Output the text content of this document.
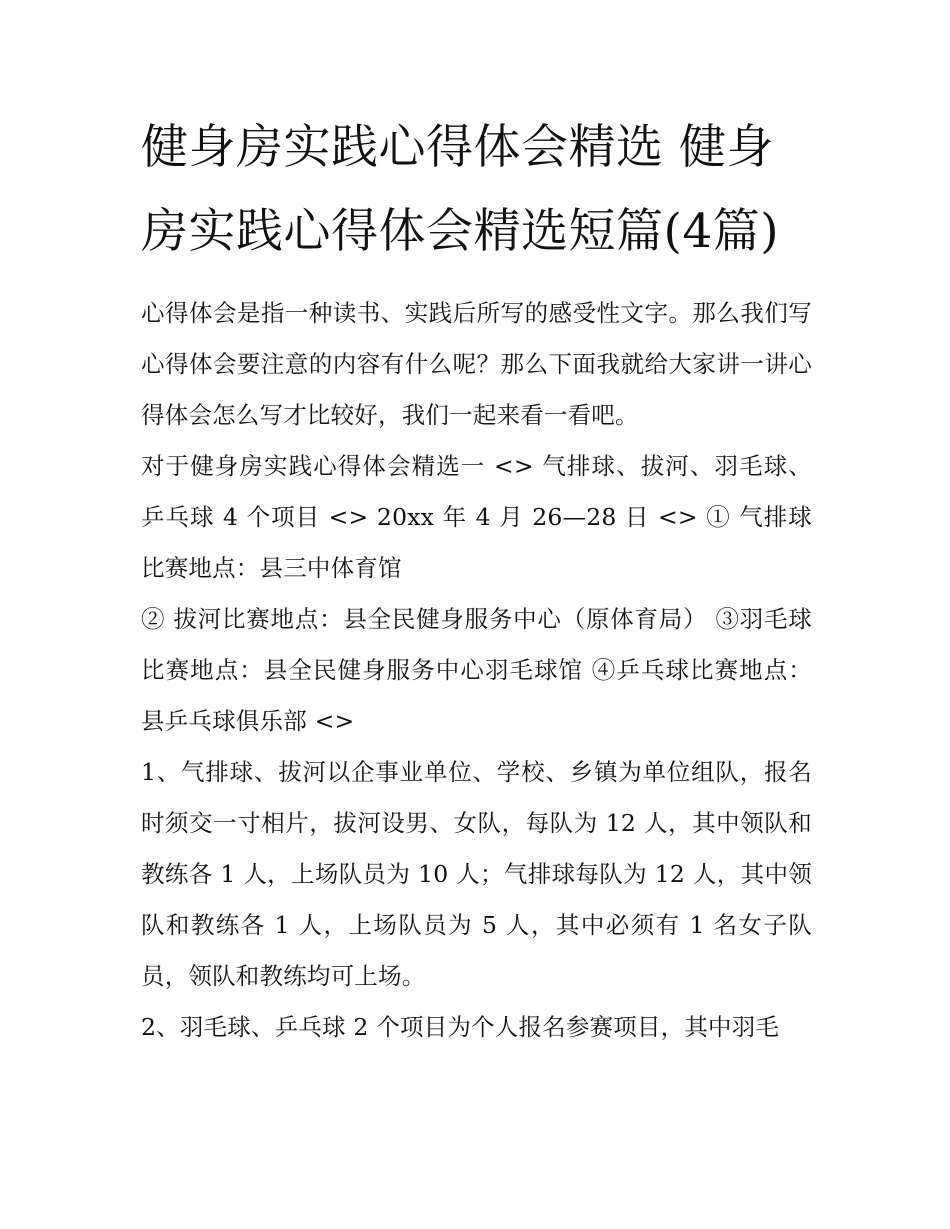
健身房实践心得体会精选 健身房实践心得体会精选短篇(4篇)

心得体会是指一种读书、实践后所写的感受性文字。那么我们写心得体会要注意的内容有什么呢？那么下面我就给大家讲一讲心得体会怎么写才比较好，我们一起来看一看吧。

对于健身房实践心得体会精选一 <> 气排球、拔河、羽毛球、乒乓球 4 个项目 <> 20xx 年 4 月 26—28 日 <> ① 气排球比赛地点：县三中体育馆

② 拔河比赛地点：县全民健身服务中心（原体育局） ③羽毛球比赛地点：县全民健身服务中心羽毛球馆 ④乒乓球比赛地点：县乒乓球俱乐部 <>

1、气排球、拔河以企事业单位、学校、乡镇为单位组队，报名时须交一寸相片，拔河设男、女队，每队为 12 人，其中领队和教练各 1 人，上场队员为 10 人；气排球每队为 12 人，其中领队和教练各 1 人，上场队员为 5 人，其中必须有 1 名女子队员，领队和教练均可上场。

2、羽毛球、乒乓球 2 个项目为个人报名参赛项目，其中羽毛
